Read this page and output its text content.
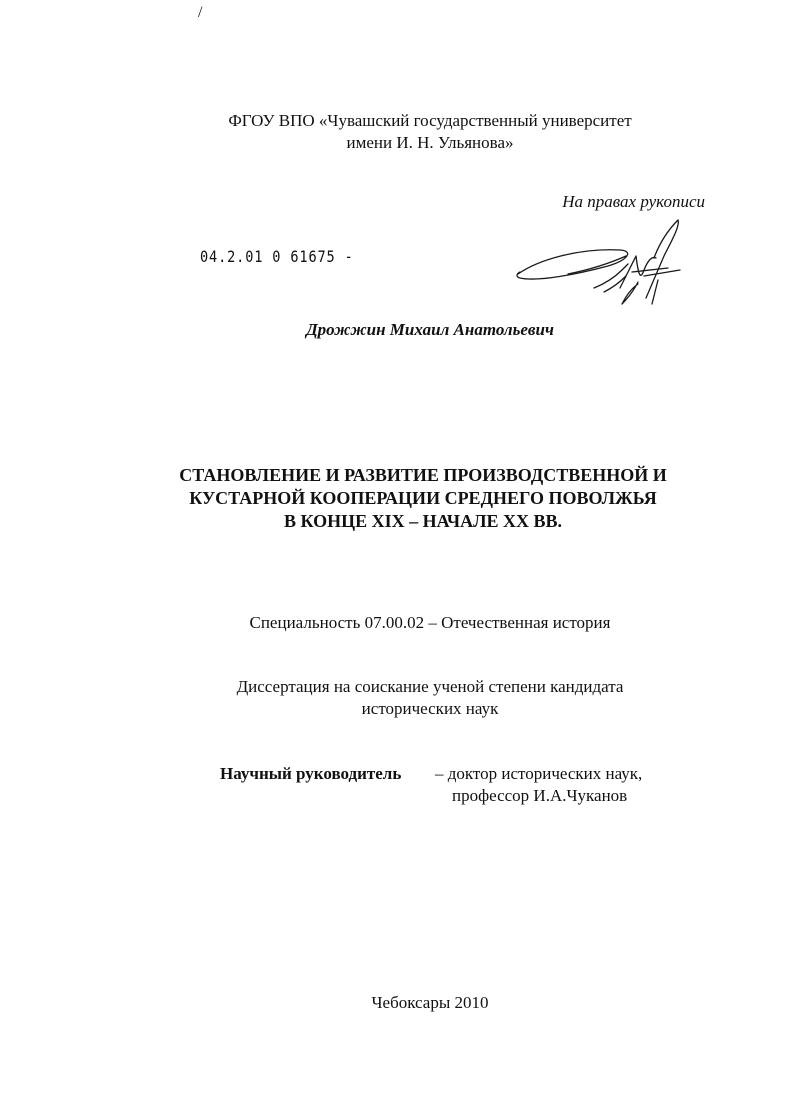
/
ФГОУ ВПО «Чувашский государственный университет
имени И. Н. Ульянова»
На правах рукописи
04.2.01 0 61675 -
Дрожжин Михаил Анатольевич
СТАНОВЛЕНИЕ И РАЗВИТИЕ ПРОИЗВОДСТВЕННОЙ И
КУСТАРНОЙ КООПЕРАЦИИ СРЕДНЕГО ПОВОЛЖЬЯ
В КОНЦЕ XIX – НАЧАЛЕ XX ВВ.
Специальность 07.00.02 – Отечественная история
Диссертация на соискание ученой степени кандидата
исторических наук
Научный руководитель – доктор исторических наук,
профессор И.А.Чуканов
Чебоксары 2010
